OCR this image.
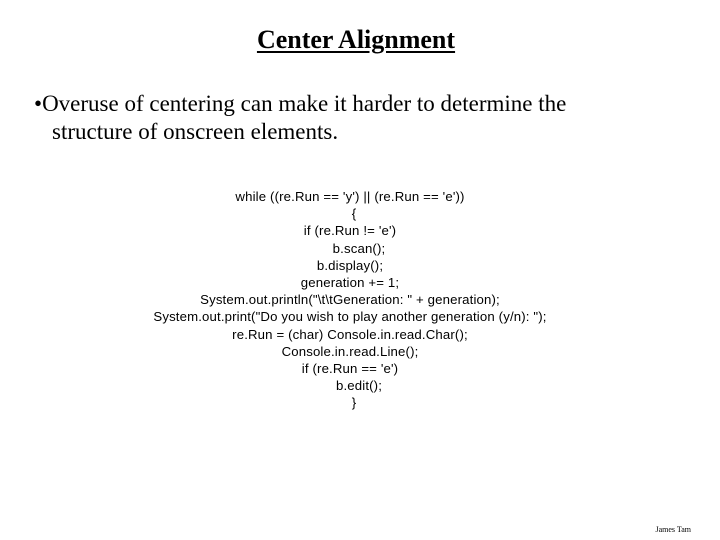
Center Alignment
•Overuse of centering can make it harder to determine the
structure of onscreen elements.
while ((re.Run == 'y') || (re.Run == 'e'))
{
if (re.Run != 'e')
b.scan();
b.display();
generation += 1;
System.out.println("\t\tGeneration: " + generation);
System.out.print("Do you wish to play another generation (y/n): ");
re.Run = (char) Console.in.read.Char();
Console.in.read.Line();
if (re.Run == 'e')
b.edit();
}
James Tam
